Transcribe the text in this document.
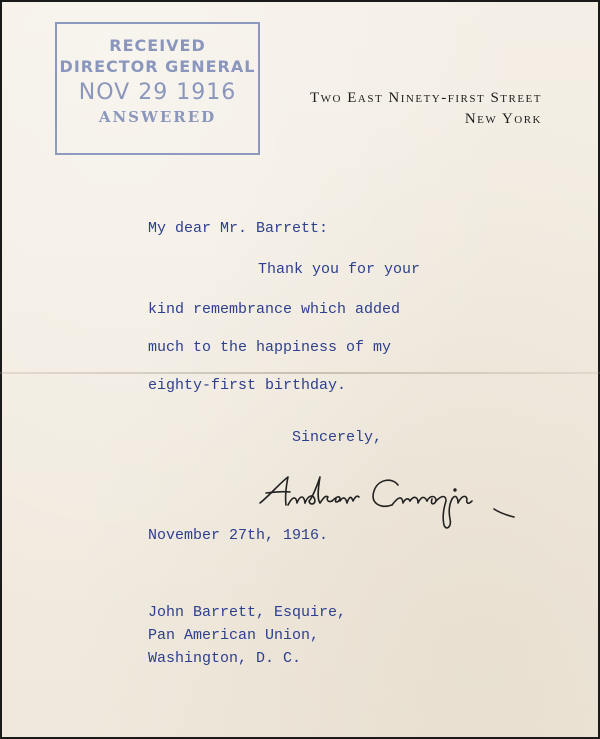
RECEIVED
DIRECTOR GENERAL
NOV 29 1916
ANSWERED
Two East Ninety-first Street
New York
My dear Mr. Barrett:
Thank you for your
kind remembrance which added
much to the happiness of my
eighty-first birthday.
Sincerely,
November 27th, 1916.
John Barrett, Esquire,
Pan American Union,
Washington, D. C.
